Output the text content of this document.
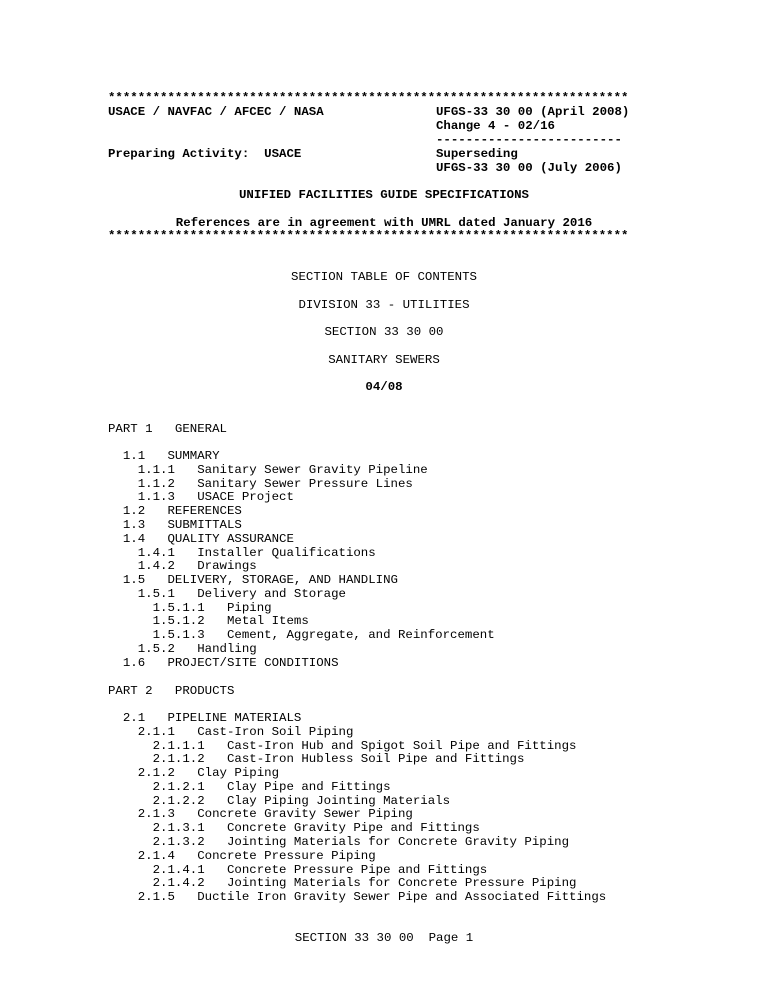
**********************************************************************
USACE / NAVFAC / AFCEC / NASA	UFGS-33 30 00 (April 2008)
Change 4 - 02/16
-------------------------
Preparing Activity:  USACE	Superseding
UFGS-33 30 00 (July 2006)
UNIFIED FACILITIES GUIDE SPECIFICATIONS
References are in agreement with UMRL dated January 2016
**********************************************************************
SECTION TABLE OF CONTENTS
DIVISION 33 - UTILITIES
SECTION 33 30 00
SANITARY SEWERS
04/08
PART 1   GENERAL
1.1   SUMMARY
1.1.1   Sanitary Sewer Gravity Pipeline
1.1.2   Sanitary Sewer Pressure Lines
1.1.3   USACE Project
1.2   REFERENCES
1.3   SUBMITTALS
1.4   QUALITY ASSURANCE
1.4.1   Installer Qualifications
1.4.2   Drawings
1.5   DELIVERY, STORAGE, AND HANDLING
1.5.1   Delivery and Storage
1.5.1.1   Piping
1.5.1.2   Metal Items
1.5.1.3   Cement, Aggregate, and Reinforcement
1.5.2   Handling
1.6   PROJECT/SITE CONDITIONS
PART 2   PRODUCTS
2.1   PIPELINE MATERIALS
2.1.1   Cast-Iron Soil Piping
2.1.1.1   Cast-Iron Hub and Spigot Soil Pipe and Fittings
2.1.1.2   Cast-Iron Hubless Soil Pipe and Fittings
2.1.2   Clay Piping
2.1.2.1   Clay Pipe and Fittings
2.1.2.2   Clay Piping Jointing Materials
2.1.3   Concrete Gravity Sewer Piping
2.1.3.1   Concrete Gravity Pipe and Fittings
2.1.3.2   Jointing Materials for Concrete Gravity Piping
2.1.4   Concrete Pressure Piping
2.1.4.1   Concrete Pressure Pipe and Fittings
2.1.4.2   Jointing Materials for Concrete Pressure Piping
2.1.5   Ductile Iron Gravity Sewer Pipe and Associated Fittings
SECTION 33 30 00  Page 1
